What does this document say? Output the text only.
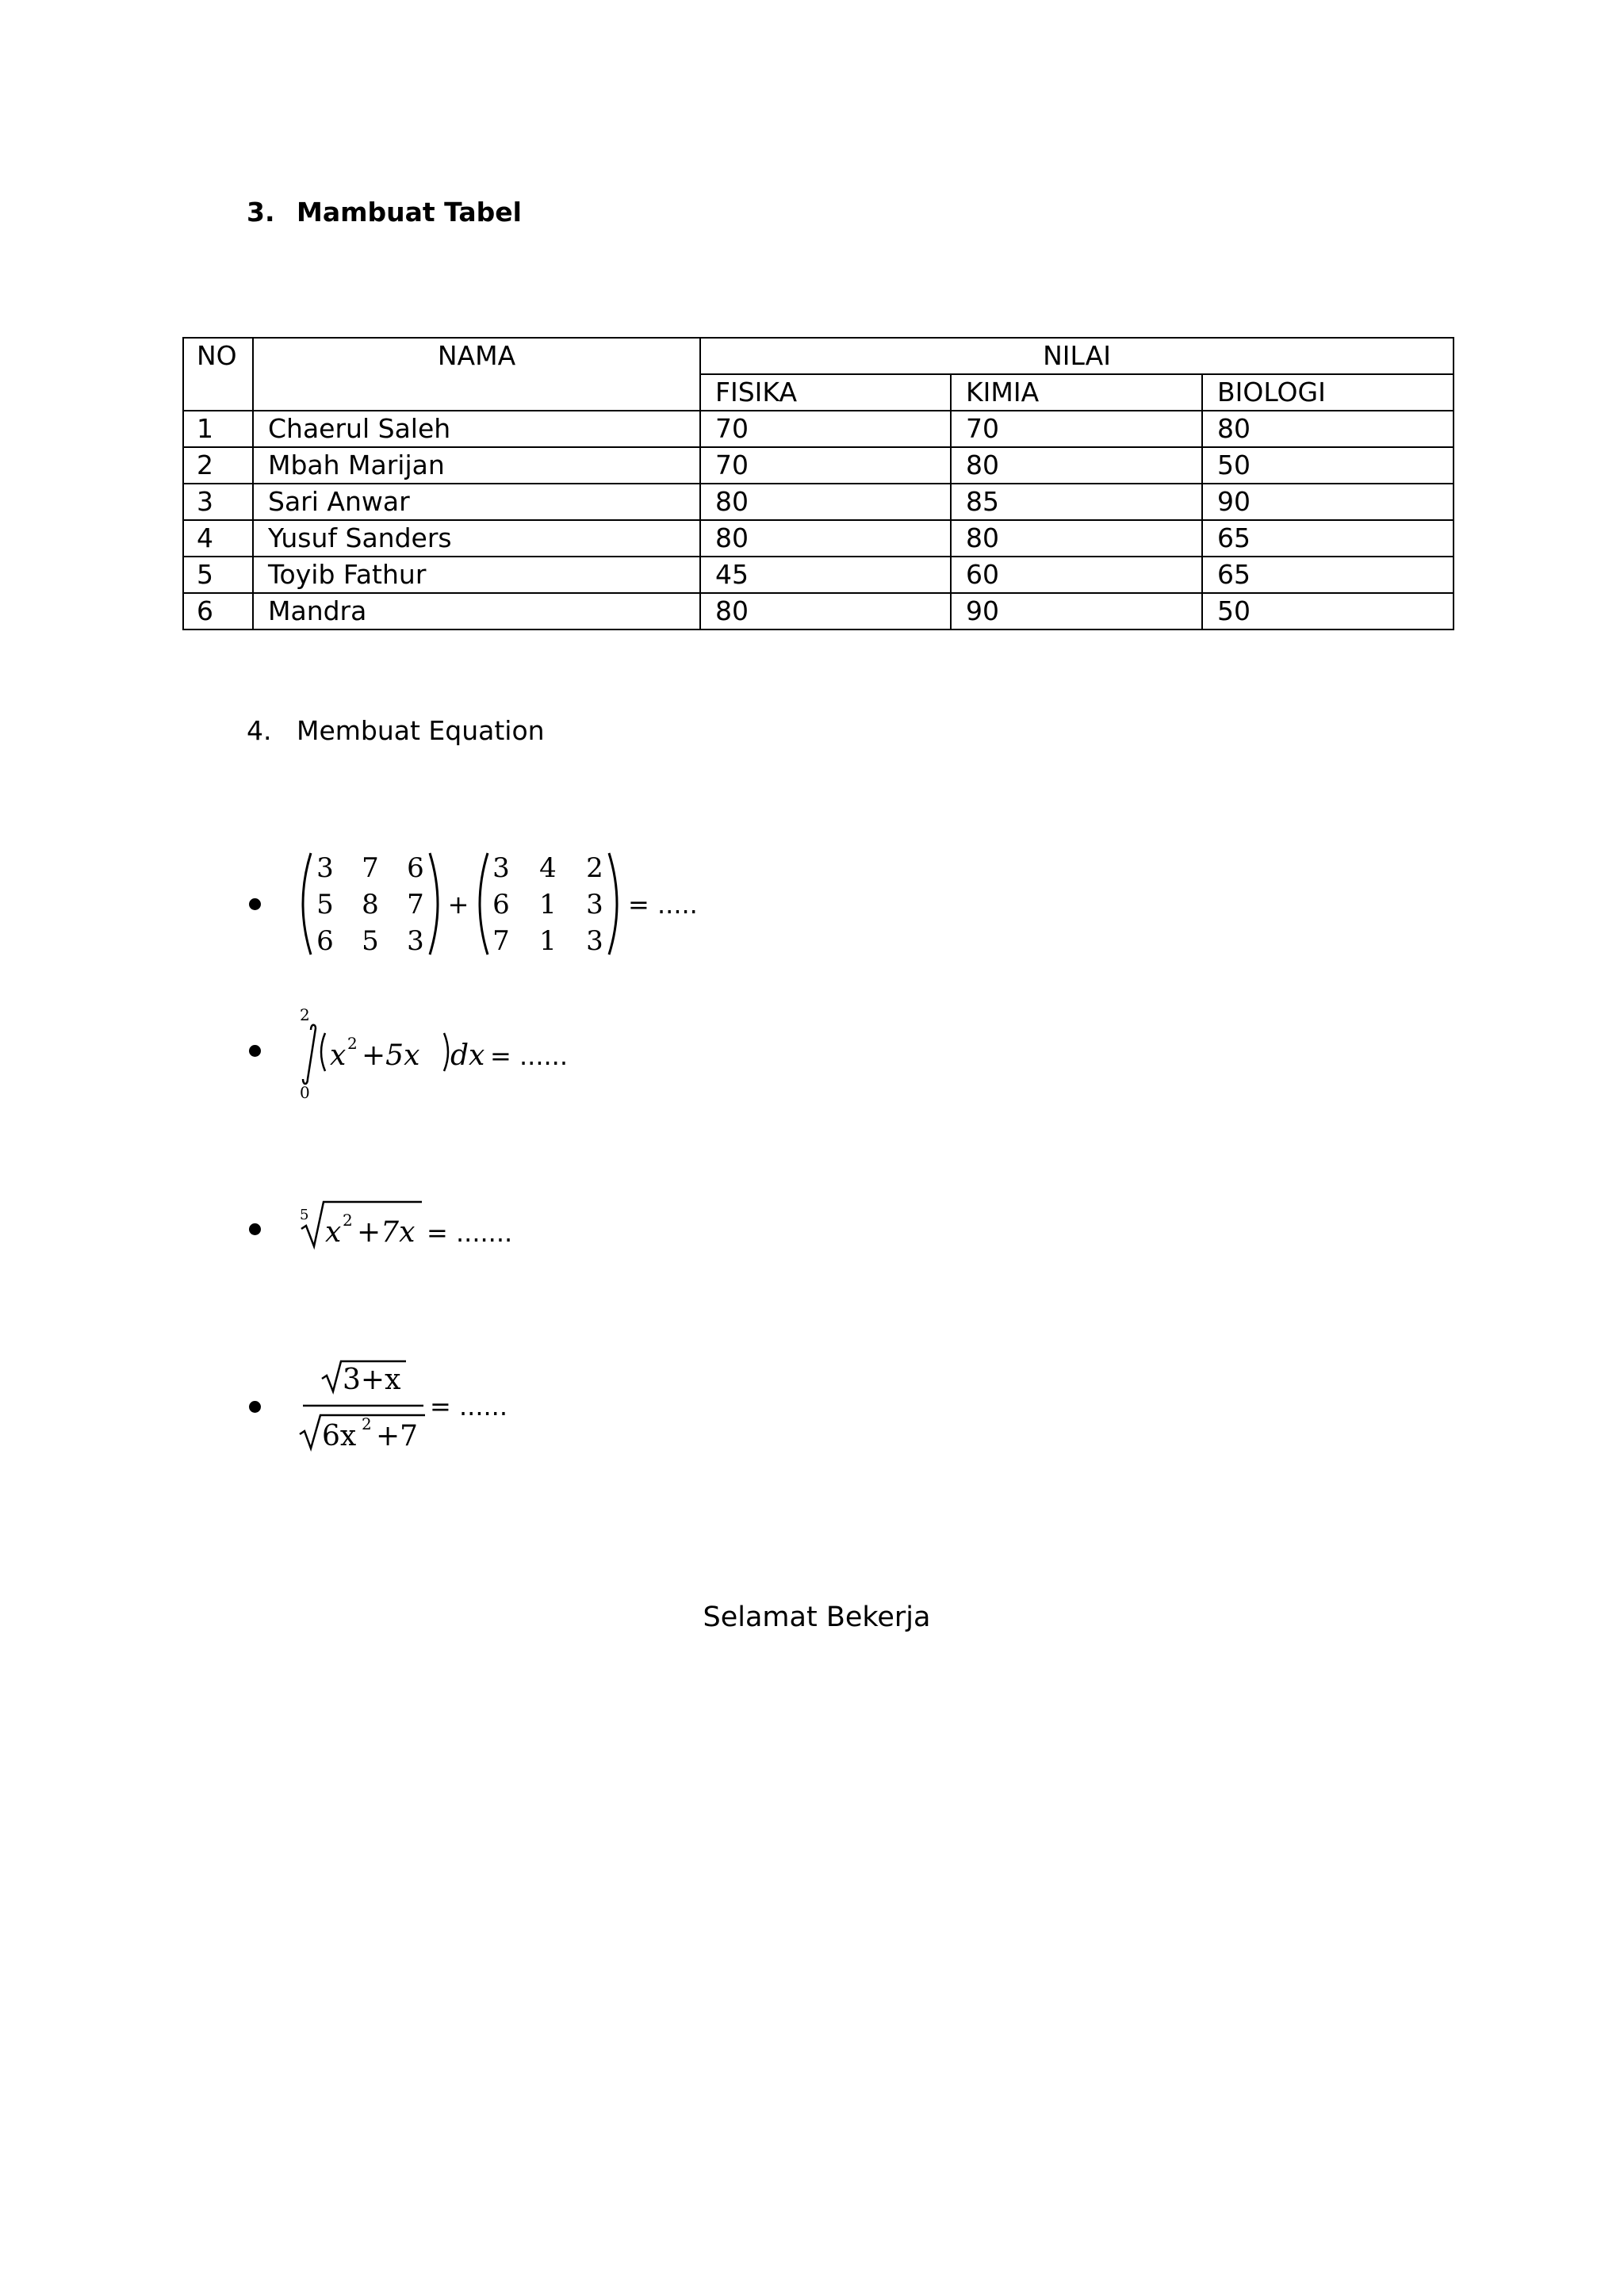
3. Mambuat Tabel
NO	NAMA	NILAI		
		FISIKA	KIMIA	BIOLOGI
1	Chaerul Saleh	70	70	80
2	Mbah Marijan	70	80	50
3	Sari Anwar	80	85	90
4	Yusuf Sanders	80	80	65
5	Toyib Fathur	45	60	65
6	Mandra	80	90	50
4. Membuat Equation
3 7 6
5 8 7
6 5 3
+
3 4 2
6 1 3
7 1 3
= .....
2
0
x 2 +5x dx = ......
5
x 2 +7x = .......
3+x
6x 2 +7
= ......
Selamat Bekerja
